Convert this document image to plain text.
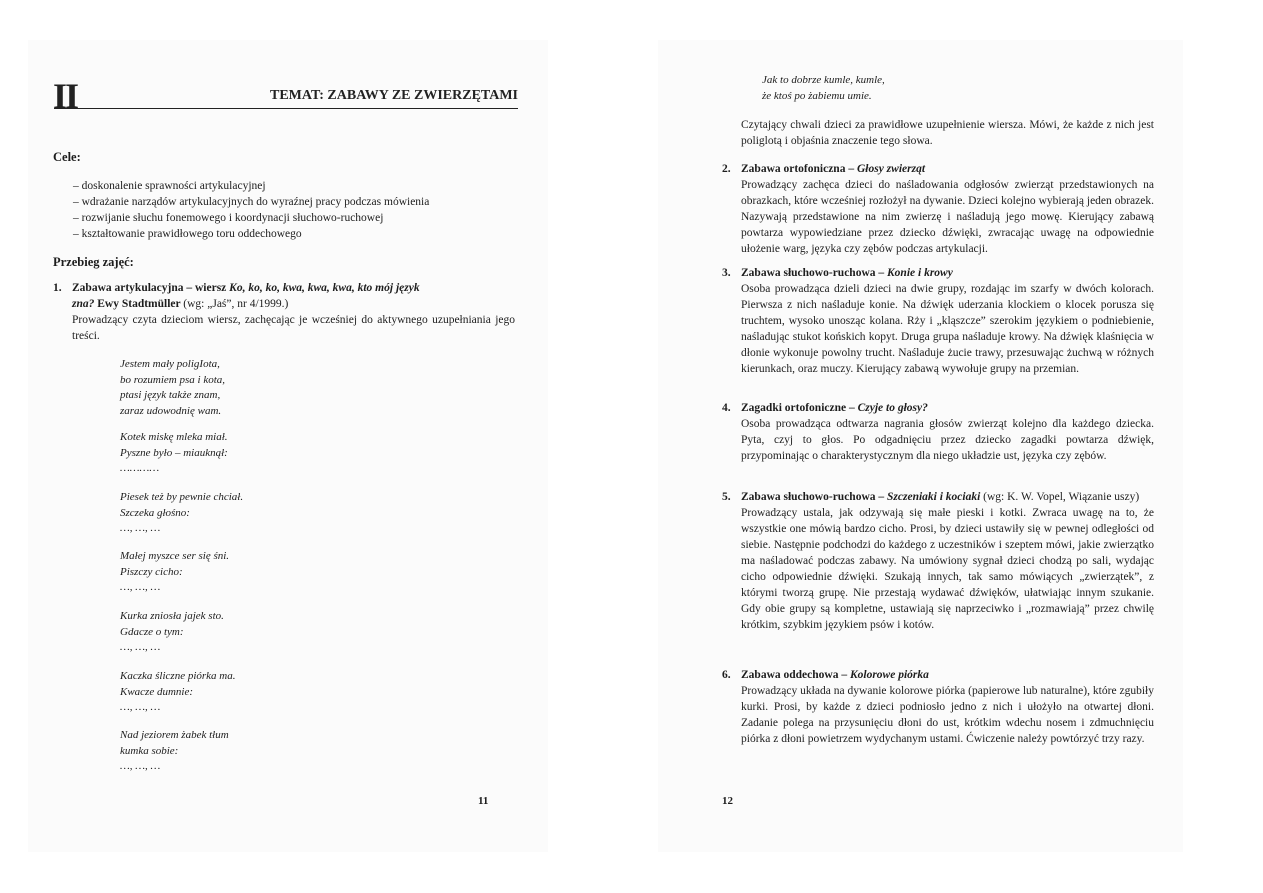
II	TEMAT: ZABAWY ZE ZWIERZĘTAMI
Cele:
– doskonalenie sprawności artykulacyjnej
– wdrażanie narządów artykulacyjnych do wyraźnej pracy podczas mówienia
– rozwijanie słuchu fonemowego i koordynacji słuchowo-ruchowej
– kształtowanie prawidłowego toru oddechowego
Przebieg zajęć:
1. Zabawa artykulacyjna – wiersz Ko, ko, ko, kwa, kwa, kwa, kto mój język
zna? Ewy Stadtmüller (wg: „Jaś”, nr 4/1999.)
Prowadzący czyta dzieciom wiersz, zachęcając je wcześniej do aktywnego uzupełniania jego treści.
Jestem mały poligIota,
bo rozumiem psa i kota,
ptasi język także znam,
zaraz udowodnię wam.
Kotek miskę mleka miał.
Pyszne było – miauknął:
…………
Piesek też by pewnie chciał.
Szczeka głośno:
…, …, …
Małej myszce ser się śni.
Piszczy cicho:
…, …, …
Kurka zniosła jajek sto.
Gdacze o tym:
…, …, …
Kaczka śliczne piórka ma.
Kwacze dumnie:
…, …, …
Nad jeziorem żabek tłum
kumka sobie:
…, …, …
11
Jak to dobrze kumle, kumle,
że ktoś po żabiemu umie.
Czytający chwali dzieci za prawidłowe uzupełnienie wiersza. Mówi, że każde z nich jest poliglotą i objaśnia znaczenie tego słowa.
2. Zabawa ortofoniczna – Głosy zwierząt
Prowadzący zachęca dzieci do naśladowania odgłosów zwierząt przedstawionych na obrazkach, które wcześniej rozłożył na dywanie. Dzieci kolejno wybierają jeden obrazek. Nazywają przedstawione na nim zwierzę i naśladują jego mowę. Kierujący zabawą powtarza wypowiedziane przez dziecko dźwięki, zwracając uwagę na odpowiednie ułożenie warg, języka czy zębów podczas artykulacji.
3. Zabawa słuchowo-ruchowa – Konie i krowy
Osoba prowadząca dzieli dzieci na dwie grupy, rozdając im szarfy w dwóch kolorach. Pierwsza z nich naśladuje konie. Na dźwięk uderzania klockiem o klocek porusza się truchtem, wysoko unosząc kolana. Rży i „kląszcze” szerokim językiem o podniebienie, naśladując stukot końskich kopyt. Druga grupa naśladuje krowy. Na dźwięk klaśnięcia w dłonie wykonuje powolny trucht. Naśladuje żucie trawy, przesuwając żuchwą w różnych kierunkach, oraz muczy. Kierujący zabawą wywołuje grupy na przemian.
4. Zagadki ortofoniczne – Czyje to głosy?
Osoba prowadząca odtwarza nagrania głosów zwierząt kolejno dla każdego dziecka. Pyta, czyj to głos. Po odgadnięciu przez dziecko zagadki powtarza dźwięk, przypominając o charakterystycznym dla niego układzie ust, języka czy zębów.
5. Zabawa słuchowo-ruchowa – Szczeniaki i kociaki (wg: K. W. Vopel, Wiązanie uszy)
Prowadzący ustala, jak odzywają się małe pieski i kotki. Zwraca uwagę na to, że wszystkie one mówią bardzo cicho. Prosi, by dzieci ustawiły się w pewnej odległości od siebie. Następnie podchodzi do każdego z uczestników i szeptem mówi, jakie zwierzątko ma naśladować podczas zabawy. Na umówiony sygnał dzieci chodzą po sali, wydając cicho odpowiednie dźwięki. Szukają innych, tak samo mówiących „zwierzątek”, z którymi tworzą grupę. Nie przestają wydawać dźwięków, ułatwiając innym szukanie. Gdy obie grupy są kompletne, ustawiają się naprzeciwko i „rozmawiają” przez chwilę krótkim, szybkim językiem psów i kotów.
6. Zabawa oddechowa – Kolorowe piórka
Prowadzący układa na dywanie kolorowe piórka (papierowe lub naturalne), które zgubiły kurki. Prosi, by każde z dzieci podniosło jedno z nich i ułożyło na otwartej dłoni. Zadanie polega na przysunięciu dłoni do ust, krótkim wdechu nosem i zdmuchnięciu piórka z dłoni powietrzem wydychanym ustami. Ćwiczenie należy powtórzyć trzy razy.
12
